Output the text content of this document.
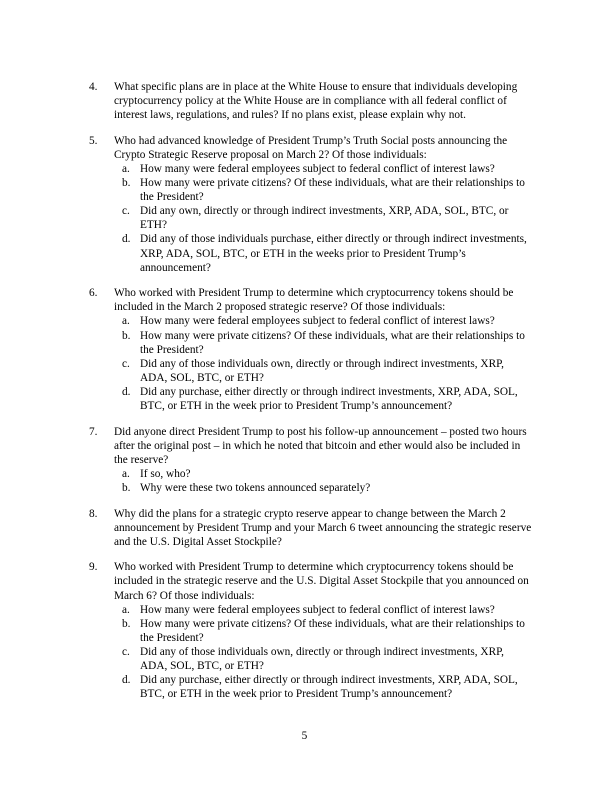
4.	What specific plans are in place at the White House to ensure that individuals developing cryptocurrency policy at the White House are in compliance with all federal conflict of interest laws, regulations, and rules? If no plans exist, please explain why not.
5.	Who had advanced knowledge of President Trump’s Truth Social posts announcing the Crypto Strategic Reserve proposal on March 2? Of those individuals:
a. How many were federal employees subject to federal conflict of interest laws?
b. How many were private citizens? Of these individuals, what are their relationships to the President?
c. Did any own, directly or through indirect investments, XRP, ADA, SOL, BTC, or ETH?
d. Did any of those individuals purchase, either directly or through indirect investments, XRP, ADA, SOL, BTC, or ETH in the weeks prior to President Trump’s announcement?
6.	Who worked with President Trump to determine which cryptocurrency tokens should be included in the March 2 proposed strategic reserve? Of those individuals:
a. How many were federal employees subject to federal conflict of interest laws?
b. How many were private citizens? Of these individuals, what are their relationships to the President?
c. Did any of those individuals own, directly or through indirect investments, XRP, ADA, SOL, BTC, or ETH?
d. Did any purchase, either directly or through indirect investments, XRP, ADA, SOL, BTC, or ETH in the week prior to President Trump’s announcement?
7.	Did anyone direct President Trump to post his follow-up announcement – posted two hours after the original post – in which he noted that bitcoin and ether would also be included in the reserve?
a. If so, who?
b. Why were these two tokens announced separately?
8.	Why did the plans for a strategic crypto reserve appear to change between the March 2 announcement by President Trump and your March 6 tweet announcing the strategic reserve and the U.S. Digital Asset Stockpile?
9.	Who worked with President Trump to determine which cryptocurrency tokens should be included in the strategic reserve and the U.S. Digital Asset Stockpile that you announced on March 6? Of those individuals:
a. How many were federal employees subject to federal conflict of interest laws?
b. How many were private citizens? Of these individuals, what are their relationships to the President?
c. Did any of those individuals own, directly or through indirect investments, XRP, ADA, SOL, BTC, or ETH?
d. Did any purchase, either directly or through indirect investments, XRP, ADA, SOL, BTC, or ETH in the week prior to President Trump’s announcement?
5
